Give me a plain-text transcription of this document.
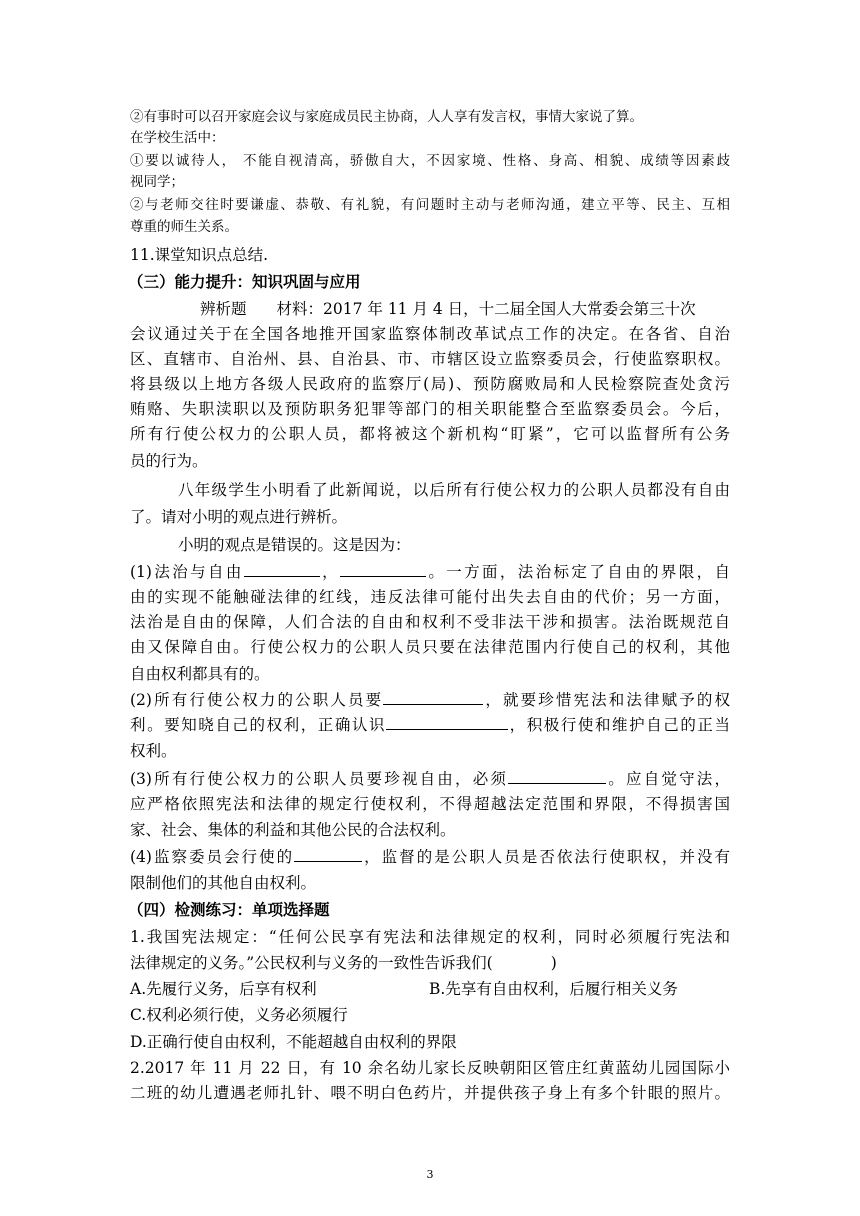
②有事时可以召开家庭会议与家庭成员民主协商，人人享有发言权，事情大家说了算。
在学校生活中：
①要以诚待人， 不能自视清高，骄傲自大，不因家境、性格、身高、相貌、成绩等因素歧
视同学；
②与老师交往时要谦虚、恭敬、有礼貌，有问题时主动与老师沟通，建立平等、民主、互相
尊重的师生关系。
11.课堂知识点总结.
（三）能力提升：知识巩固与应用
辨析题 材料：2017 年 11 月 4 日，十二届全国人大常委会第三十次
会议通过关于在全国各地推开国家监察体制改革试点工作的决定。在各省、自治
区、直辖市、自治州、县、自治县、市、市辖区设立监察委员会，行使监察职权。
将县级以上地方各级人民政府的监察厅(局)、预防腐败局和人民检察院查处贪污
贿赂、失职渎职以及预防职务犯罪等部门的相关职能整合至监察委员会。今后，
所有行使公权力的公职人员，都将被这个新机构“盯紧”，它可以监督所有公务
员的行为。
八年级学生小明看了此新闻说，以后所有行使公权力的公职人员都没有自由
了。请对小明的观点进行辨析。
小明的观点是错误的。这是因为：
(1)法治与自由	，	。一方面，法治标定了自由的界限，自
由的实现不能触碰法律的红线，违反法律可能付出失去自由的代价；另一方面，
法治是自由的保障，人们合法的自由和权利不受非法干涉和损害。法治既规范自
由又保障自由。行使公权力的公职人员只要在法律范围内行使自己的权利，其他
自由权利都具有的。
(2)所有行使公权力的公职人员要	，就要珍惜宪法和法律赋予的权
利。要知晓自己的权利，正确认识	，积极行使和维护自己的正当
权利。
(3)所有行使公权力的公职人员要珍视自由，必须	。应自觉守法，
应严格依照宪法和法律的规定行使权利，不得超越法定范围和界限，不得损害国
家、社会、集体的利益和其他公民的合法权利。
(4)监察委员会行使的	，监督的是公职人员是否依法行使职权，并没有
限制他们的其他自由权利。
（四）检测练习：单项选择题
1.我国宪法规定：“任何公民享有宪法和法律规定的权利，同时必须履行宪法和
法律规定的义务。”公民权利与义务的一致性告诉我们(	)
A.先履行义务，后享有权利	B.先享有自由权利，后履行相关义务
C.权利必须行使，义务必须履行
D.正确行使自由权利，不能超越自由权利的界限
2.2017 年 11 月 22 日，有 10 余名幼儿家长反映朝阳区管庄红黄蓝幼儿园国际小
二班的幼儿遭遇老师扎针、喂不明白色药片，并提供孩子身上有多个针眼的照片。
3
